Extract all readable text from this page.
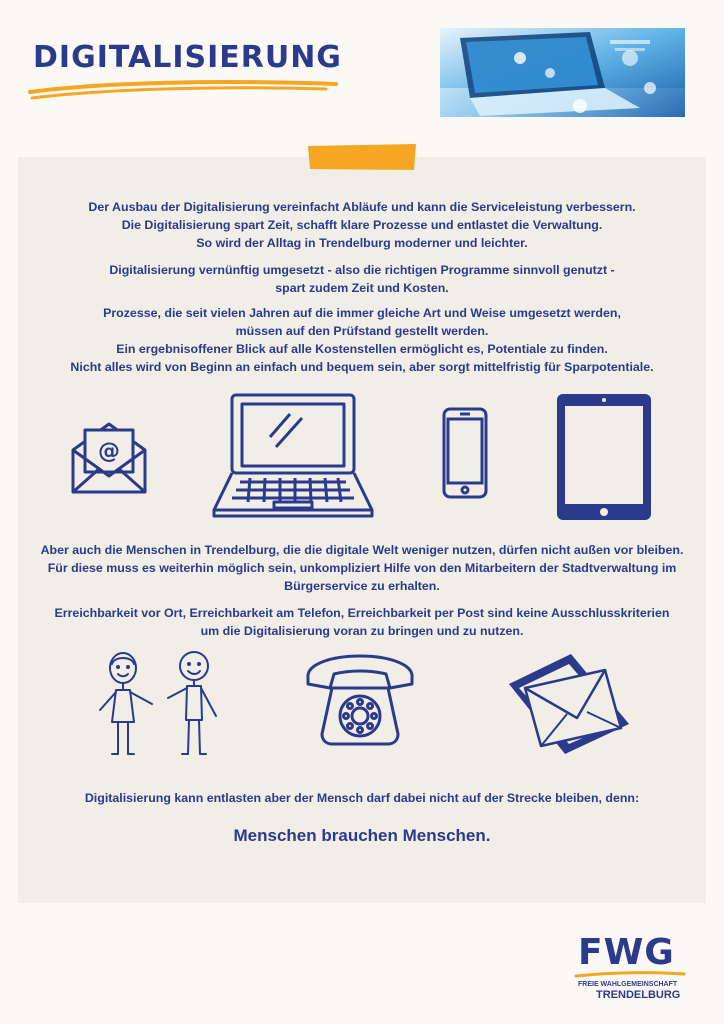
DIGITALISIERUNG

Der Ausbau der Digitalisierung vereinfacht Abläufe und kann die Serviceleistung verbessern.
Die Digitalisierung spart Zeit, schafft klare Prozesse und entlastet die Verwaltung.
So wird der Alltag in Trendelburg moderner und leichter.

Digitalisierung vernünftig umgesetzt - also die richtigen Programme sinnvoll genutzt -
spart zudem Zeit und Kosten.

Prozesse, die seit vielen Jahren auf die immer gleiche Art und Weise umgesetzt werden,
müssen auf den Prüfstand gestellt werden.
Ein ergebnisoffener Blick auf alle Kostenstellen ermöglicht es, Potentiale zu finden.
Nicht alles wird von Beginn an einfach und bequem sein, aber sorgt mittelfristig für Sparpotentiale.

@

Aber auch die Menschen in Trendelburg, die die digitale Welt weniger nutzen, dürfen nicht außen vor bleiben.
Für diese muss es weiterhin möglich sein, unkompliziert Hilfe von den Mitarbeitern der Stadtverwaltung im
Bürgerservice zu erhalten.

Erreichbarkeit vor Ort, Erreichbarkeit am Telefon, Erreichbarkeit per Post sind keine Ausschlusskriterien
um die Digitalisierung voran zu bringen und zu nutzen.

Digitalisierung kann entlasten aber der Mensch darf dabei nicht auf der Strecke bleiben, denn:

Menschen brauchen Menschen.

FWG
FREIE WAHLGEMEINSCHAFT
TRENDELBURG
